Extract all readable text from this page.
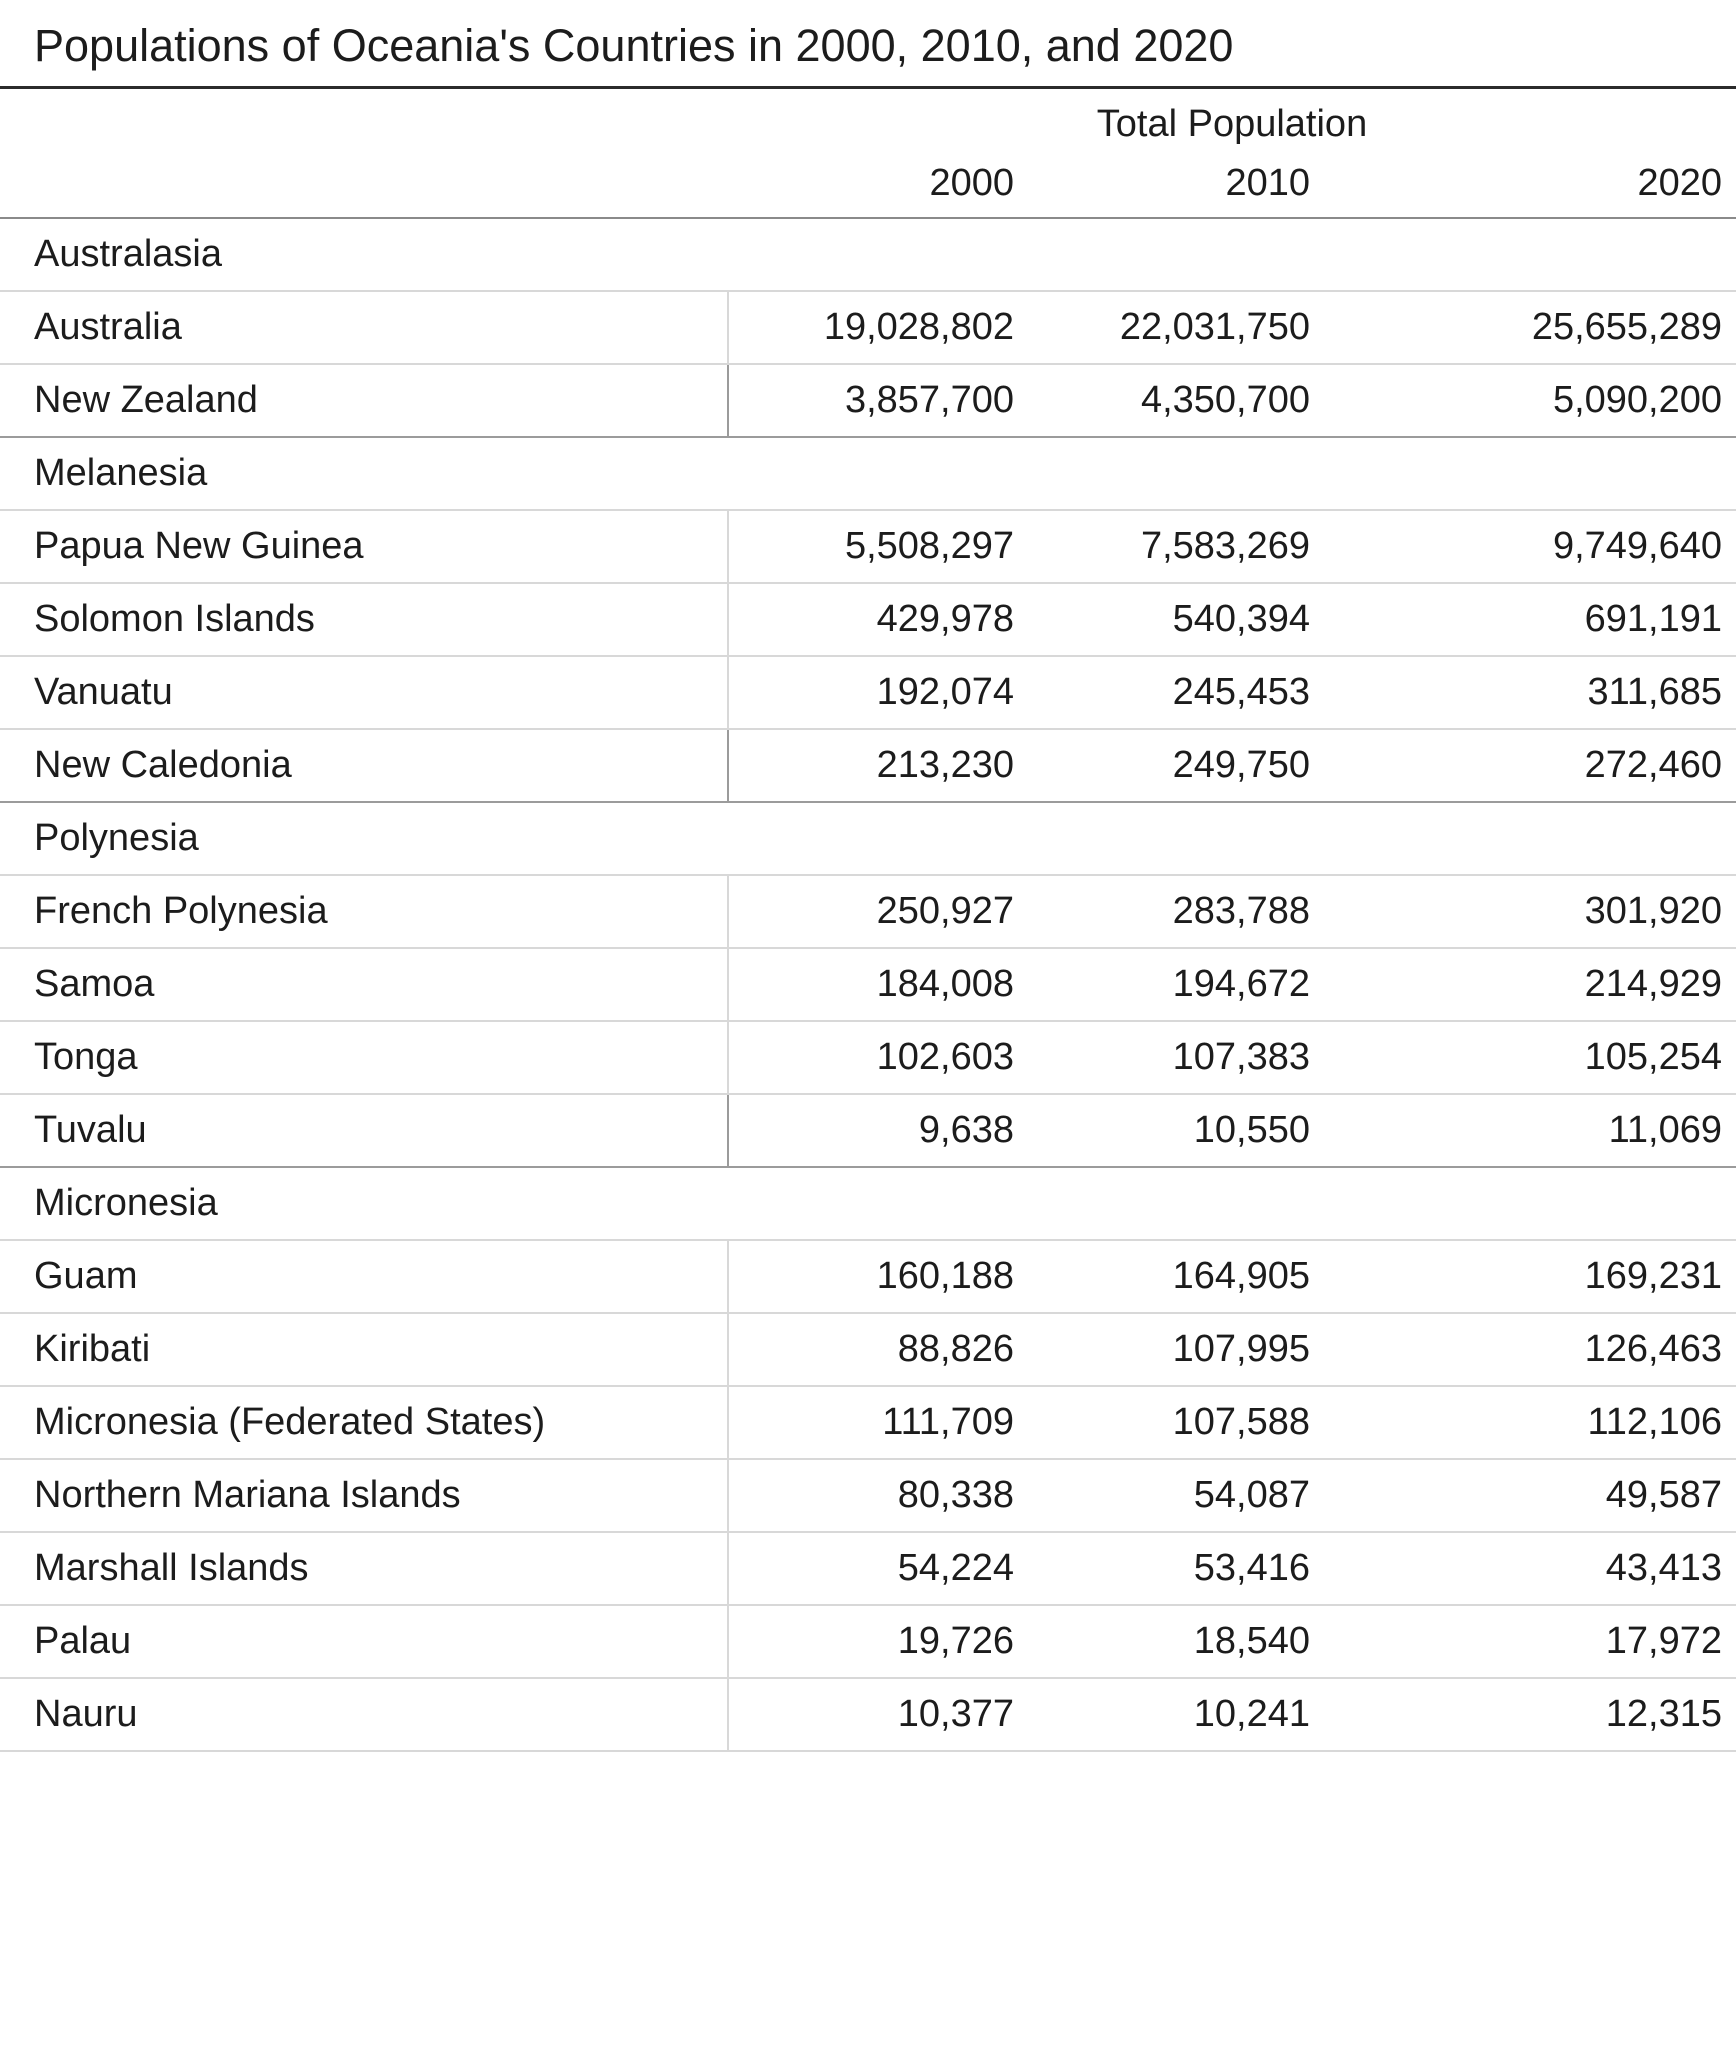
Populations of Oceania's Countries in 2000, 2010, and 2020

	Total Population		
	2000	2010	2020

Australasia			
Australia	19,028,802	22,031,750	25,655,289
New Zealand	3,857,700	4,350,700	5,090,200
Melanesia			
Papua New Guinea	5,508,297	7,583,269	9,749,640
Solomon Islands	429,978	540,394	691,191
Vanuatu	192,074	245,453	311,685
New Caledonia	213,230	249,750	272,460
Polynesia			
French Polynesia	250,927	283,788	301,920
Samoa	184,008	194,672	214,929
Tonga	102,603	107,383	105,254
Tuvalu	9,638	10,550	11,069
Micronesia			
Guam	160,188	164,905	169,231
Kiribati	88,826	107,995	126,463
Micronesia (Federated States)	111,709	107,588	112,106
Northern Mariana Islands	80,338	54,087	49,587
Marshall Islands	54,224	53,416	43,413
Palau	19,726	18,540	17,972
Nauru	10,377	10,241	12,315
